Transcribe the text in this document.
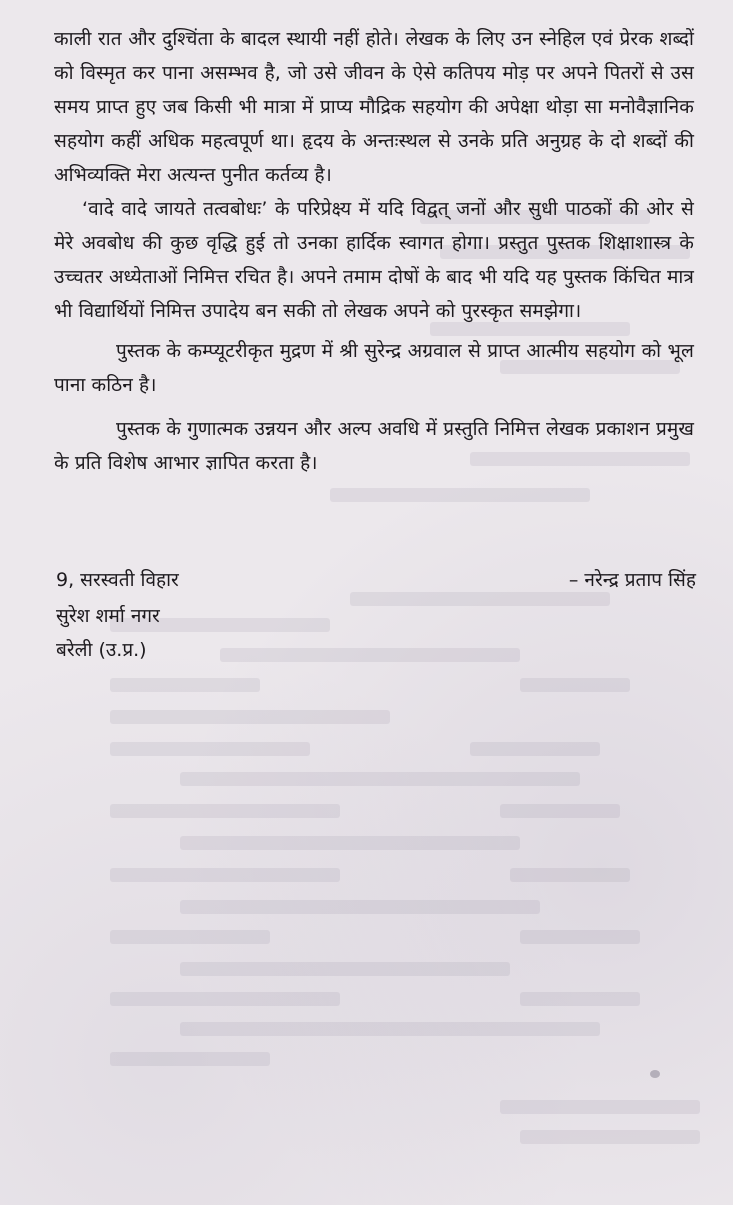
काली रात और दुश्चिंता के बादल स्थायी नहीं होते। लेखक के लिए उन स्नेहिल एवं प्रेरक शब्दों को विस्मृत कर पाना असम्भव है, जो उसे जीवन के ऐसे कतिपय मोड़ पर अपने पितरों से उस समय प्राप्त हुए जब किसी भी मात्रा में प्राप्य मौद्रिक सहयोग की अपेक्षा थोड़ा सा मनोवैज्ञानिक सहयोग कहीं अधिक महत्वपूर्ण था। हृदय के अन्तःस्थल से उनके प्रति अनुग्रह के दो शब्दों की अभिव्यक्ति मेरा अत्यन्त पुनीत कर्तव्य है।

‘वादे वादे जायते तत्वबोधः’ के परिप्रेक्ष्य में यदि विद्वत् जनों और सुधी पाठकों की ओर से मेरे अवबोध की कुछ वृद्धि हुई तो उनका हार्दिक स्वागत होगा। प्रस्तुत पुस्तक शिक्षाशास्त्र के उच्चतर अध्येताओं निमित्त रचित है। अपने तमाम दोषों के बाद भी यदि यह पुस्तक किंचित मात्र भी विद्यार्थियों निमित्त उपादेय बन सकी तो लेखक अपने को पुरस्कृत समझेगा।

पुस्तक के कम्प्यूटरीकृत मुद्रण में श्री सुरेन्द्र अग्रवाल से प्राप्त आत्मीय सहयोग को भूल पाना कठिन है।

पुस्तक के गुणात्मक उन्नयन और अल्प अवधि में प्रस्तुति निमित्त लेखक प्रकाशन प्रमुख के प्रति विशेष आभार ज्ञापित करता है।

9, सरस्वती विहार	– नरेन्द्र प्रताप सिंह
सुरेश शर्मा नगर
बरेली (उ.प्र.)
